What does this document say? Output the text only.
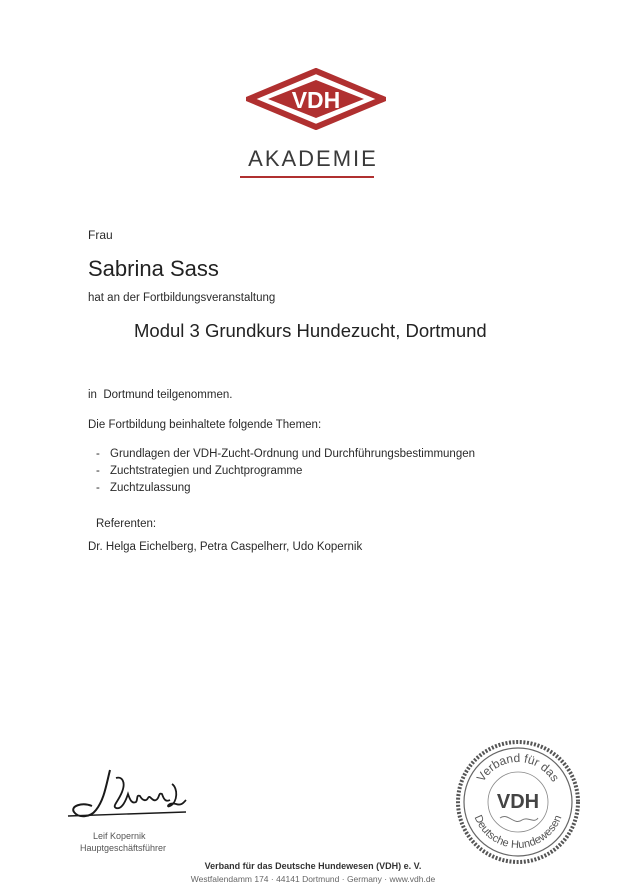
VDH
AKADEMIE
Frau
Sabrina Sass
hat an der Fortbildungsveranstaltung
Modul 3 Grundkurs Hundezucht, Dortmund
in  Dortmund teilgenommen.
Die Fortbildung beinhaltete folgende Themen:
- Grundlagen der VDH-Zucht-Ordnung und Durchführungsbestimmungen
- Zuchtstrategien und Zuchtprogramme
- Zuchtzulassung
Referenten:
Dr. Helga Eichelberg, Petra Caspelherr, Udo Kopernik
Leif Kopernik
Hauptgeschäftsführer
Verband für das
Deutsche Hundewesen
VDH
Verband für das Deutsche Hundewesen (VDH) e. V.
Westfalendamm 174 · 44141 Dortmund · Germany · www.vdh.de
